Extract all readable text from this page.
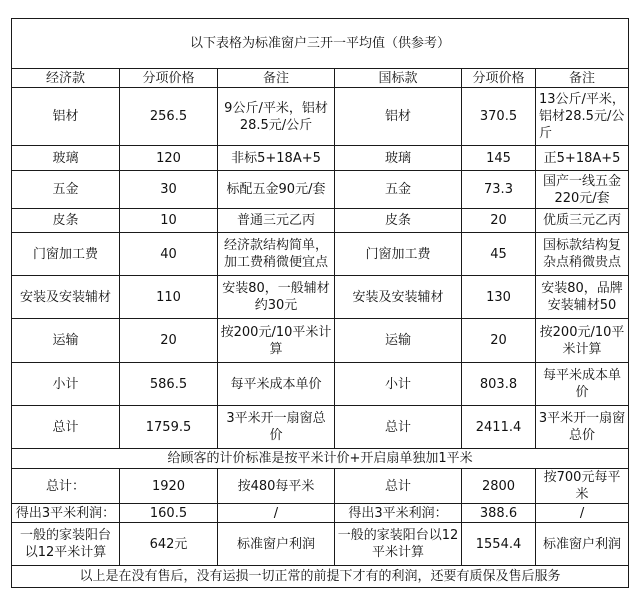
以下表格为标准窗户三开一平均值（供参考）					
经济款	分项价格	备注	国标款	分项价格	备注
铝材	256.5	9公斤/平米，铝材28.5元/公斤	铝材	370.5	13公斤/平米，铝材28.5元/公斤
玻璃	120	非标5+18A+5	玻璃	145	正5+18A+5
五金	30	标配五金90元/套	五金	73.3	国产一线五金220元/套
皮条	10	普通三元乙丙	皮条	20	优质三元乙丙
门窗加工费	40	经济款结构简单，加工费稍微便宜点	门窗加工费	45	国标款结构复杂点稍微贵点
安装及安装辅材	110	安装80，一般辅材约30元	安装及安装辅材	130	安装80，品牌安装辅材50
运输	20	按200元/10平米计算	运输	20	按200元/10平米计算
小计	586.5	每平米成本单价	小计	803.8	每平米成本单价
总计	1759.5	3平米开一扇窗总价	总计	2411.4	3平米开一扇窗总价
给顾客的计价标准是按平米计价+开启扇单独加1平米					
总计：	1920	按480每平米	总计	2800	按700元每平米
得出3平米利润：	160.5	/	得出3平米利润：	388.6	/
一般的家装阳台以12平米计算	642元	标准窗户利润	一般的家装阳台以12平米计算	1554.4	标准窗户利润
以上是在没有售后，没有运损一切正常的前提下才有的利润，还要有质保及售后服务					
